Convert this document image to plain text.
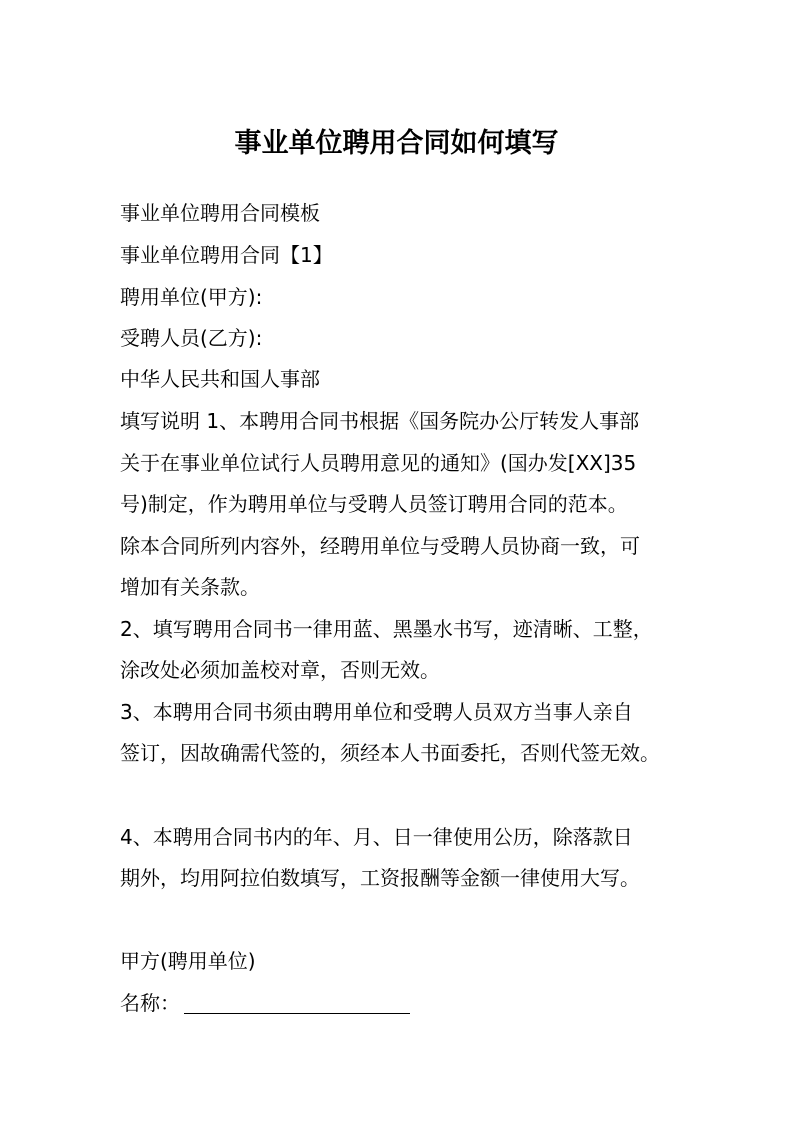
事业单位聘用合同如何填写
事业单位聘用合同模板
事业单位聘用合同【1】
聘用单位(甲方):
受聘人员(乙方):
中华人民共和国人事部
填写说明 1、本聘用合同书根据《国务院办公厅转发人事部
关于在事业单位试行人员聘用意见的通知》(国办发[XX]35
号)制定，作为聘用单位与受聘人员签订聘用合同的范本。
除本合同所列内容外，经聘用单位与受聘人员协商一致，可
增加有关条款。
2、填写聘用合同书一律用蓝、黑墨水书写，迹清晰、工整，
涂改处必须加盖校对章，否则无效。
3、本聘用合同书须由聘用单位和受聘人员双方当事人亲自
签订，因故确需代签的，须经本人书面委托，否则代签无效。
4、本聘用合同书内的年、月、日一律使用公历，除落款日
期外，均用阿拉伯数填写，工资报酬等金额一律使用大写。
甲方(聘用单位)
名称：
